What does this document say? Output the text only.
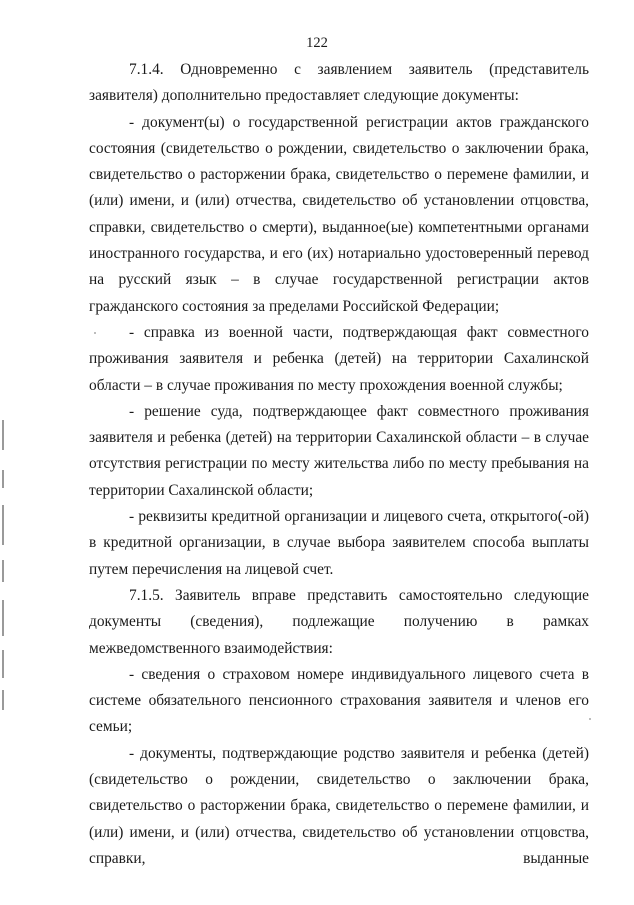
122

7.1.4. Одновременно с заявлением заявитель (представитель заявителя) дополнительно предоставляет следующие документы:

- документ(ы) о государственной регистрации актов гражданского состояния (свидетельство о рождении, свидетельство о заключении брака, свидетельство о расторжении брака, свидетельство о перемене фамилии, и (или) имени, и (или) отчества, свидетельство об установлении отцовства, справки, свидетельство о смерти), выданное(ые) компетентными органами иностранного государства, и его (их) нотариально удостоверенный перевод на русский язык – в случае государственной регистрации актов гражданского состояния за пределами Российской Федерации;

- справка из военной части, подтверждающая факт совместного проживания заявителя и ребенка (детей) на территории Сахалинской области – в случае проживания по месту прохождения военной службы;

- решение суда, подтверждающее факт совместного проживания заявителя и ребенка (детей) на территории Сахалинской области – в случае отсутствия регистрации по месту жительства либо по месту пребывания на территории Сахалинской области;

- реквизиты кредитной организации и лицевого счета, открытого(-ой) в кредитной организации, в случае выбора заявителем способа выплаты путем перечисления на лицевой счет.

7.1.5. Заявитель вправе представить самостоятельно следующие документы (сведения), подлежащие получению в рамках межведомственного взаимодействия:

- сведения о страховом номере индивидуального лицевого счета в системе обязательного пенсионного страхования заявителя и членов его семьи;

- документы, подтверждающие родство заявителя и ребенка (детей) (свидетельство о рождении, свидетельство о заключении брака, свидетельство о расторжении брака, свидетельство о перемене фамилии, и (или) имени, и (или) отчества, свидетельство об установлении отцовства, справки, выданные
